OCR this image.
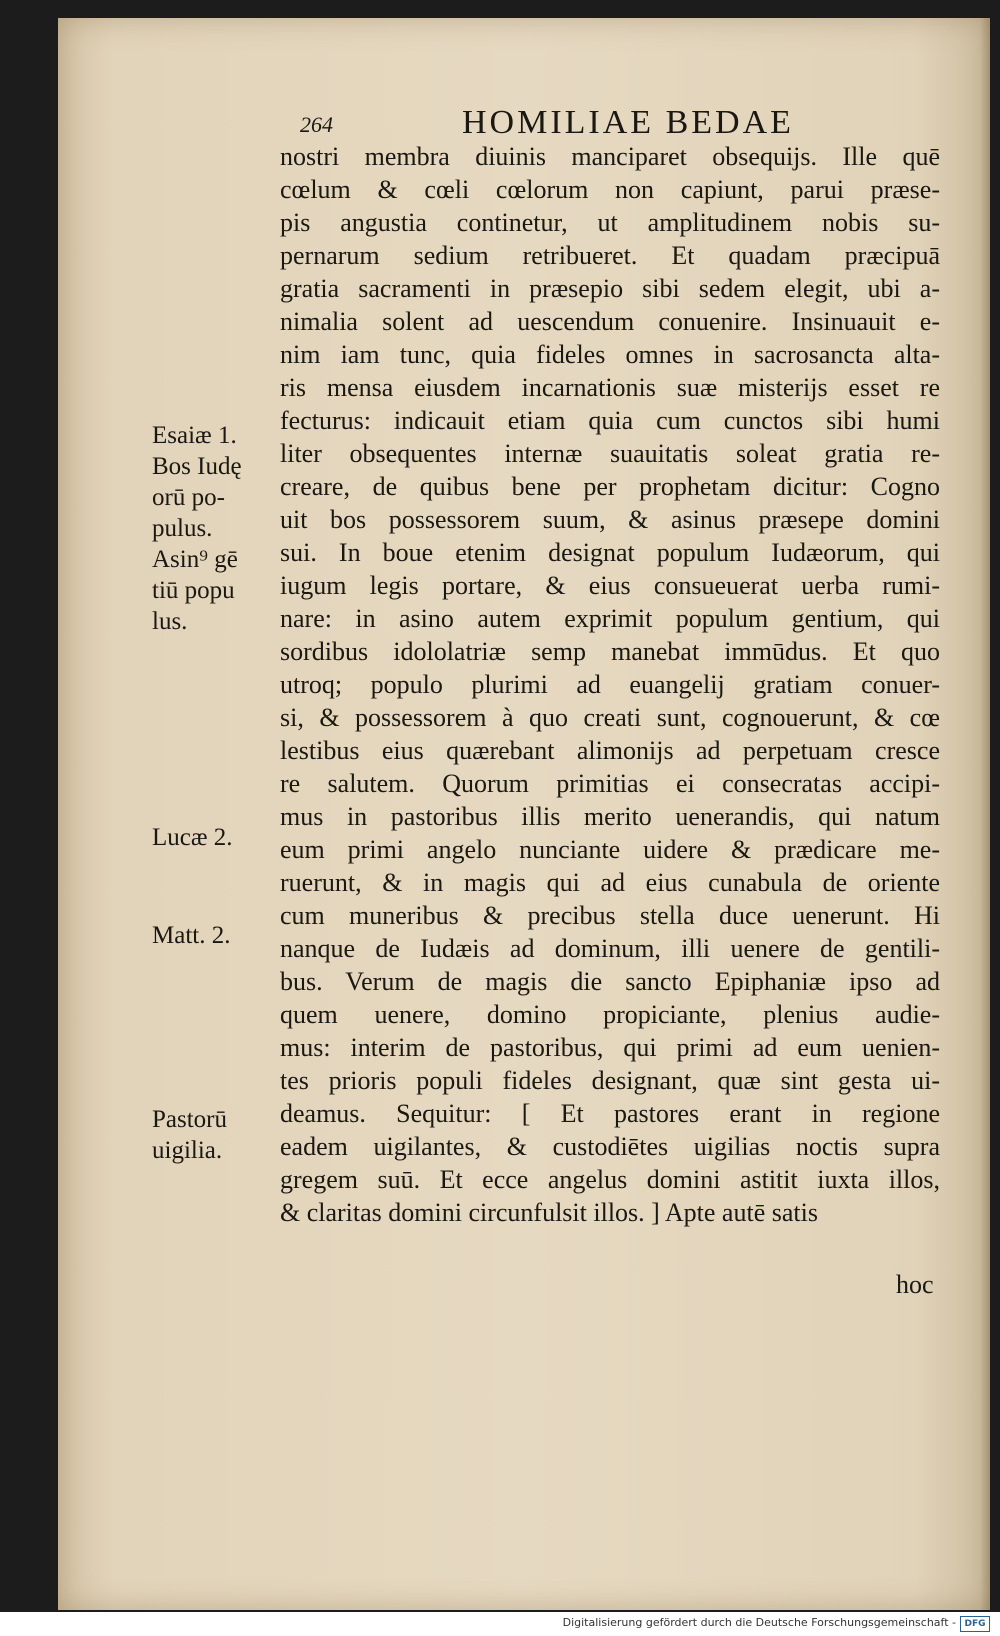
264	HOMILIAE BEDAE
nostri membra diuinis manciparet obsequijs. Ille quē
cœlum & cœli cœlorum non capiunt, parui præse-
pis angustia continetur, ut amplitudinem nobis su-
pernarum sedium retribueret. Et quadam præcipuā
gratia sacramenti in præsepio sibi sedem elegit, ubi a-
nimalia solent ad uescendum conuenire. Insinuauit e-
nim iam tunc, quia fideles omnes in sacrosancta alta-
ris mensa eiusdem incarnationis suæ misterijs esset re
fecturus: indicauit etiam quia cum cunctos sibi humi
liter obsequentes internæ suauitatis soleat gratia re-
creare, de quibus bene per prophetam dicitur: Cogno
uit bos possessorem suum, & asinus præsepe domini
sui. In boue etenim designat populum Iudæorum, qui
iugum legis portare, & eius consueuerat uerba rumi-
nare: in asino autem exprimit populum gentium, qui
sordibus idololatriæ semp manebat immūdus. Et quo
utroq; populo plurimi ad euangelij gratiam conuer-
si, & possessorem à quo creati sunt, cognouerunt, & cœ
lestibus eius quærebant alimonijs ad perpetuam cresce
re salutem. Quorum primitias ei consecratas accipi-
mus in pastoribus illis merito uenerandis, qui natum
eum primi angelo nunciante uidere & prædicare me-
ruerunt, & in magis qui ad eius cunabula de oriente
cum muneribus & precibus stella duce uenerunt. Hi
nanque de Iudæis ad dominum, illi uenere de gentili-
bus. Verum de magis die sancto Epiphaniæ ipso ad
quem uenere, domino propiciante, plenius audie-
mus: interim de pastoribus, qui primi ad eum uenien-
tes prioris populi fideles designant, quæ sint gesta ui-
deamus. Sequitur: [ Et pastores erant in regione
eadem uigilantes, & custodiētes uigilias noctis supra
gregem suū. Et ecce angelus domini astitit iuxta illos,
& claritas domini circunfulsit illos. ] Apte autē satis
hoc
Esaiæ 1.
Bos Iudę
orū po-
pulus.
Asin⁹ gē
tiū popu
lus.
Lucæ 2.
Matt. 2.
Pastorū
uigilia.
Digitalisierung gefördert durch die Deutsche Forschungsgemeinschaft - DFG
